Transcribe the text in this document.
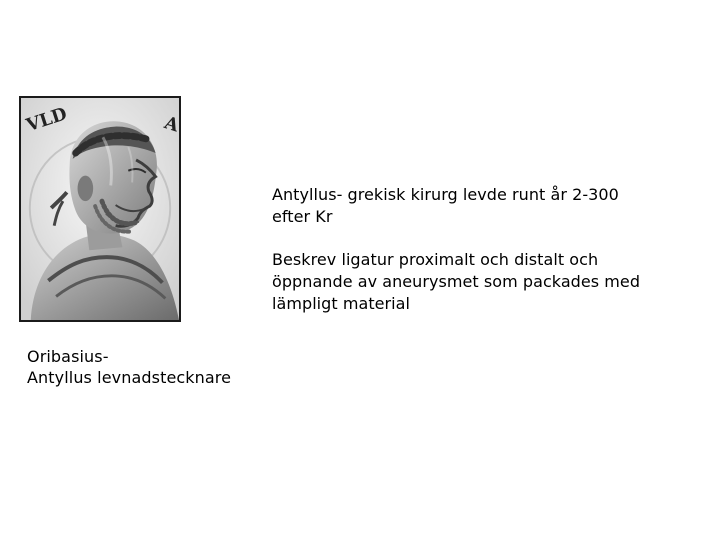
VLD	A
Oribasius-
Antyllus levnadstecknare
Antyllus- grekisk kirurg levde runt år 2-300
efter Kr
Beskrev ligatur proximalt och distalt och
öppnande av aneurysmet som packades med
lämpligt material
